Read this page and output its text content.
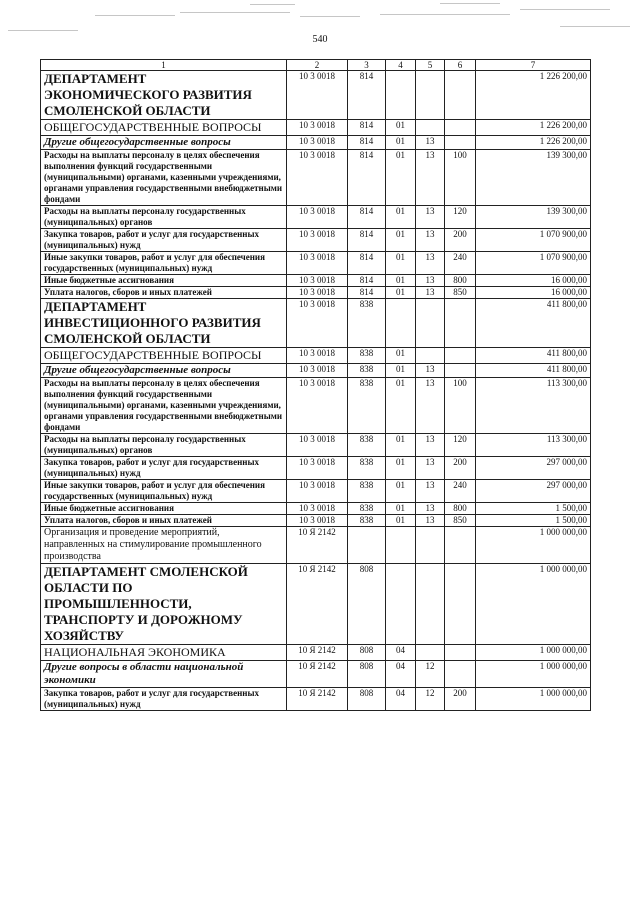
540
1	2	3	4	5	6	7
ДЕПАРТАМЕНТ ЭКОНОМИЧЕСКОГО РАЗВИТИЯ СМОЛЕНСКОЙ ОБЛАСТИ	10 3 0018	814				1 226 200,00
ОБЩЕГОСУДАРСТВЕННЫЕ ВОПРОСЫ	10 3 0018	814	01			1 226 200,00
Другие общегосударственные вопросы	10 3 0018	814	01	13		1 226 200,00
Расходы на выплаты персоналу в целях обеспечения выполнения функций государственными (муниципальными) органами, казенными учреждениями, органами управления государственными внебюджетными фондами	10 3 0018	814	01	13	100	139 300,00
Расходы на выплаты персоналу государственных (муниципальных) органов	10 3 0018	814	01	13	120	139 300,00
Закупка товаров, работ и услуг для государственных (муниципальных) нужд	10 3 0018	814	01	13	200	1 070 900,00
Иные закупки товаров, работ и услуг для обеспечения государственных (муниципальных) нужд	10 3 0018	814	01	13	240	1 070 900,00
Иные бюджетные ассигнования	10 3 0018	814	01	13	800	16 000,00
Уплата налогов, сборов и иных платежей	10 3 0018	814	01	13	850	16 000,00
ДЕПАРТАМЕНТ ИНВЕСТИЦИОННОГО РАЗВИТИЯ СМОЛЕНСКОЙ ОБЛАСТИ	10 3 0018	838				411 800,00
ОБЩЕГОСУДАРСТВЕННЫЕ ВОПРОСЫ	10 3 0018	838	01			411 800,00
Другие общегосударственные вопросы	10 3 0018	838	01	13		411 800,00
Расходы на выплаты персоналу в целях обеспечения выполнения функций государственными (муниципальными) органами, казенными учреждениями, органами управления государственными внебюджетными фондами	10 3 0018	838	01	13	100	113 300,00
Расходы на выплаты персоналу государственных (муниципальных) органов	10 3 0018	838	01	13	120	113 300,00
Закупка товаров, работ и услуг для государственных (муниципальных) нужд	10 3 0018	838	01	13	200	297 000,00
Иные закупки товаров, работ и услуг для обеспечения государственных (муниципальных) нужд	10 3 0018	838	01	13	240	297 000,00
Иные бюджетные ассигнования	10 3 0018	838	01	13	800	1 500,00
Уплата налогов, сборов и иных платежей	10 3 0018	838	01	13	850	1 500,00
Организация и проведение мероприятий, направленных на стимулирование промышленного производства	10 Я 2142					1 000 000,00
ДЕПАРТАМЕНТ СМОЛЕНСКОЙ ОБЛАСТИ ПО ПРОМЫШЛЕННОСТИ, ТРАНСПОРТУ И ДОРОЖНОМУ ХОЗЯЙСТВУ	10 Я 2142	808				1 000 000,00
НАЦИОНАЛЬНАЯ ЭКОНОМИКА	10 Я 2142	808	04			1 000 000,00
Другие вопросы в области национальной экономики	10 Я 2142	808	04	12		1 000 000,00
Закупка товаров, работ и услуг для государственных (муниципальных) нужд	10 Я 2142	808	04	12	200	1 000 000,00
